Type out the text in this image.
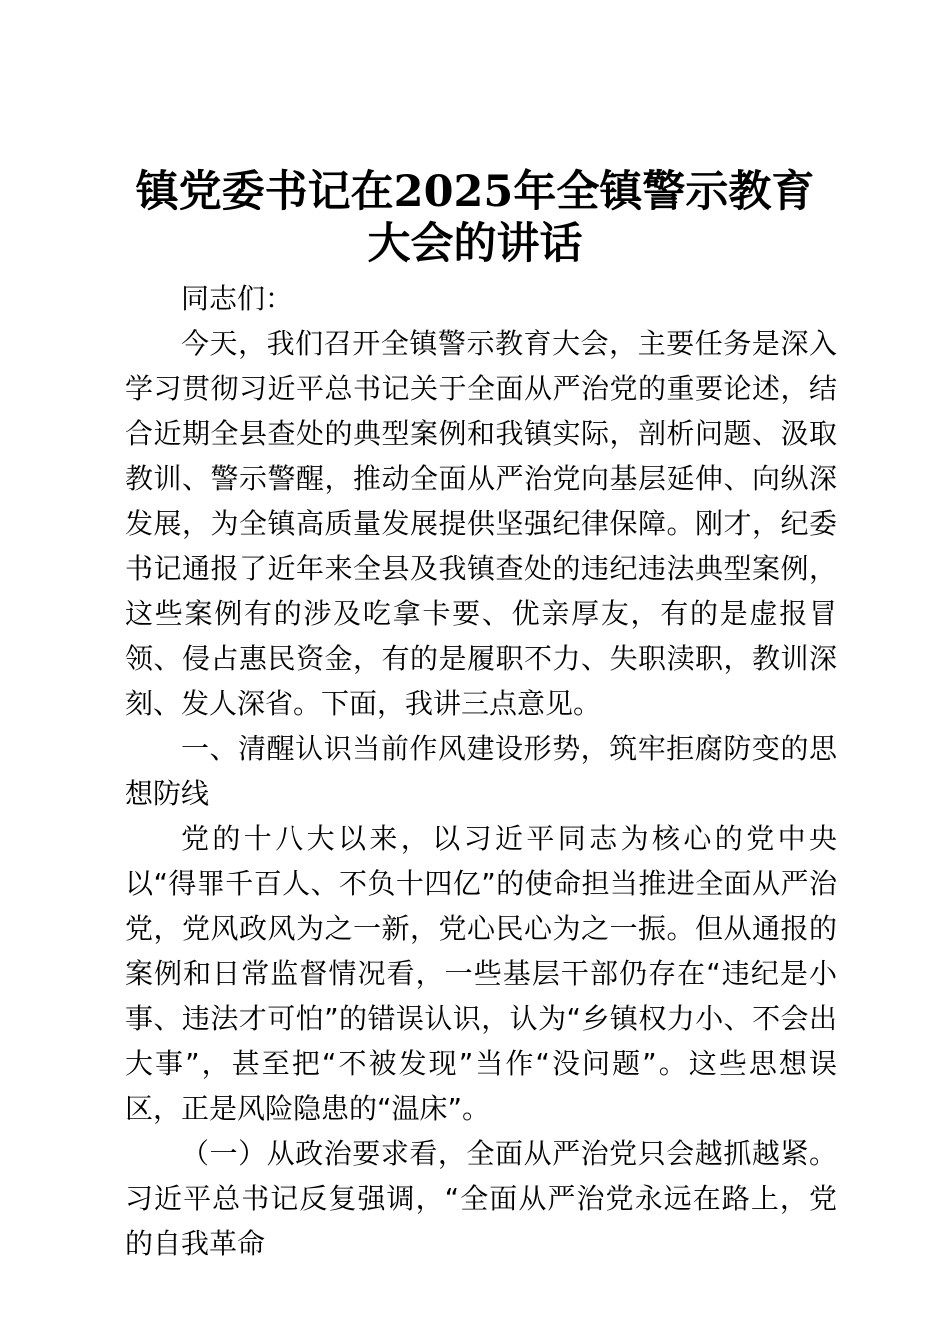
镇党委书记在2025年全镇警示教育大会的讲话

同志们：

今天，我们召开全镇警示教育大会，主要任务是深入学习贯彻习近平总书记关于全面从严治党的重要论述，结合近期全县查处的典型案例和我镇实际，剖析问题、汲取教训、警示警醒，推动全面从严治党向基层延伸、向纵深发展，为全镇高质量发展提供坚强纪律保障。刚才，纪委书记通报了近年来全县及我镇查处的违纪违法典型案例，这些案例有的涉及吃拿卡要、优亲厚友，有的是虚报冒领、侵占惠民资金，有的是履职不力、失职渎职，教训深刻、发人深省。下面，我讲三点意见。

一、清醒认识当前作风建设形势，筑牢拒腐防变的思想防线

党的十八大以来，以习近平同志为核心的党中央以“得罪千百人、不负十四亿”的使命担当推进全面从严治党，党风政风为之一新，党心民心为之一振。但从通报的案例和日常监督情况看，一些基层干部仍存在“违纪是小事、违法才可怕”的错误认识，认为“乡镇权力小、不会出大事”，甚至把“不被发现”当作“没问题”。这些思想误区，正是风险隐患的“温床”。

（一）从政治要求看，全面从严治党只会越抓越紧。习近平总书记反复强调，“全面从严治党永远在路上，党的自我革命
